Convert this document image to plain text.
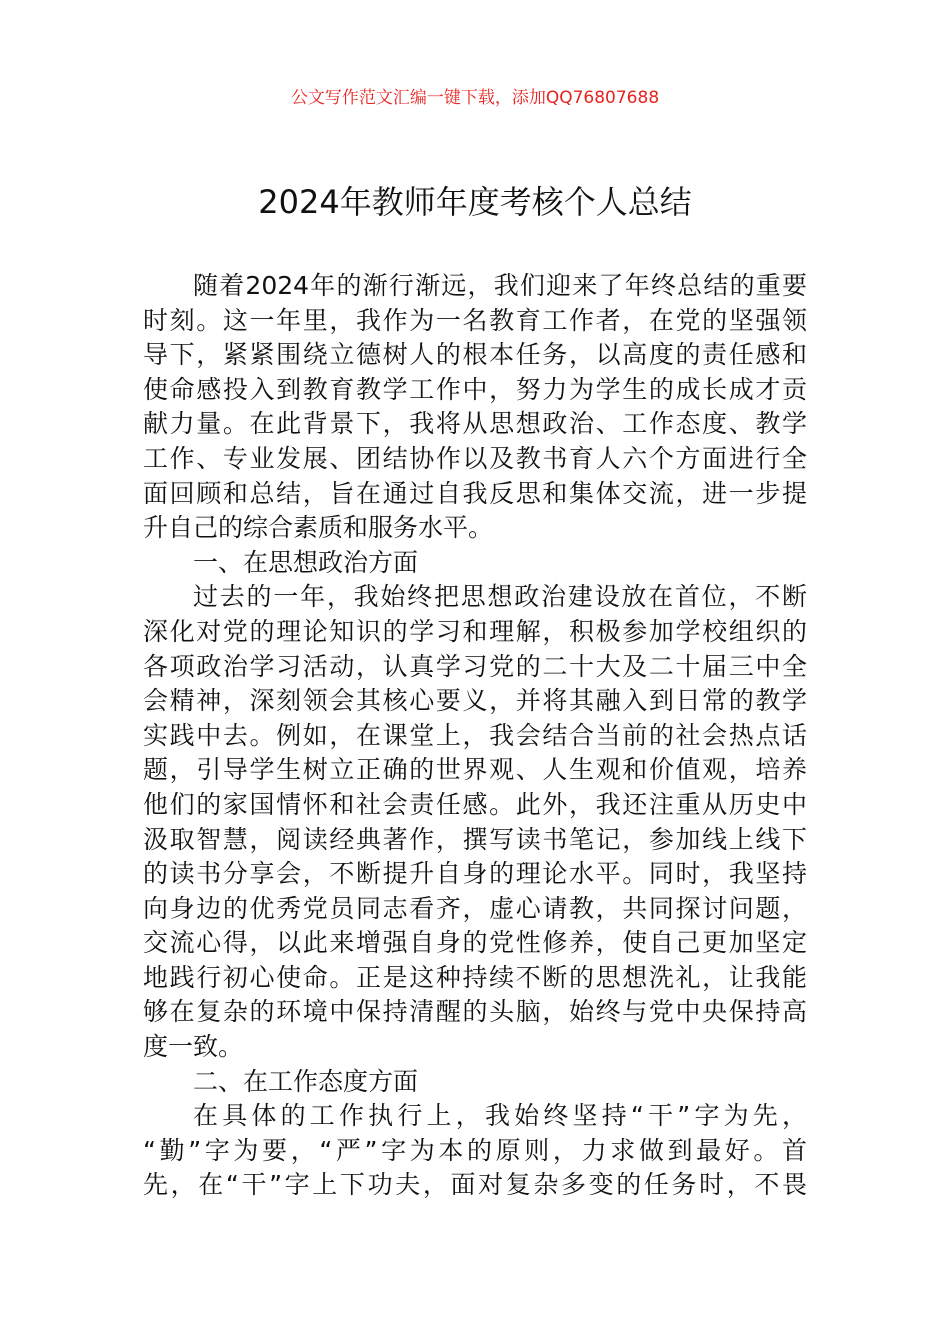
公文写作范文汇编一键下载，添加QQ76807688
2024年教师年度考核个人总结
随着2024年的渐行渐远，我们迎来了年终总结的重要
时刻。这一年里，我作为一名教育工作者，在党的坚强领
导下，紧紧围绕立德树人的根本任务，以高度的责任感和
使命感投入到教育教学工作中，努力为学生的成长成才贡
献力量。在此背景下，我将从思想政治、工作态度、教学
工作、专业发展、团结协作以及教书育人六个方面进行全
面回顾和总结，旨在通过自我反思和集体交流，进一步提
升自己的综合素质和服务水平。
一、在思想政治方面
过去的一年，我始终把思想政治建设放在首位，不断
深化对党的理论知识的学习和理解，积极参加学校组织的
各项政治学习活动，认真学习党的二十大及二十届三中全
会精神，深刻领会其核心要义，并将其融入到日常的教学
实践中去。例如，在课堂上，我会结合当前的社会热点话
题，引导学生树立正确的世界观、人生观和价值观，培养
他们的家国情怀和社会责任感。此外，我还注重从历史中
汲取智慧，阅读经典著作，撰写读书笔记，参加线上线下
的读书分享会，不断提升自身的理论水平。同时，我坚持
向身边的优秀党员同志看齐，虚心请教，共同探讨问题，
交流心得，以此来增强自身的党性修养，使自己更加坚定
地践行初心使命。正是这种持续不断的思想洗礼，让我能
够在复杂的环境中保持清醒的头脑，始终与党中央保持高
度一致。
二、在工作态度方面
在具体的工作执行上，我始终坚持“干”字为先，
“勤”字为要，“严”字为本的原则，力求做到最好。首
先，在“干”字上下功夫，面对复杂多变的任务时，不畏
